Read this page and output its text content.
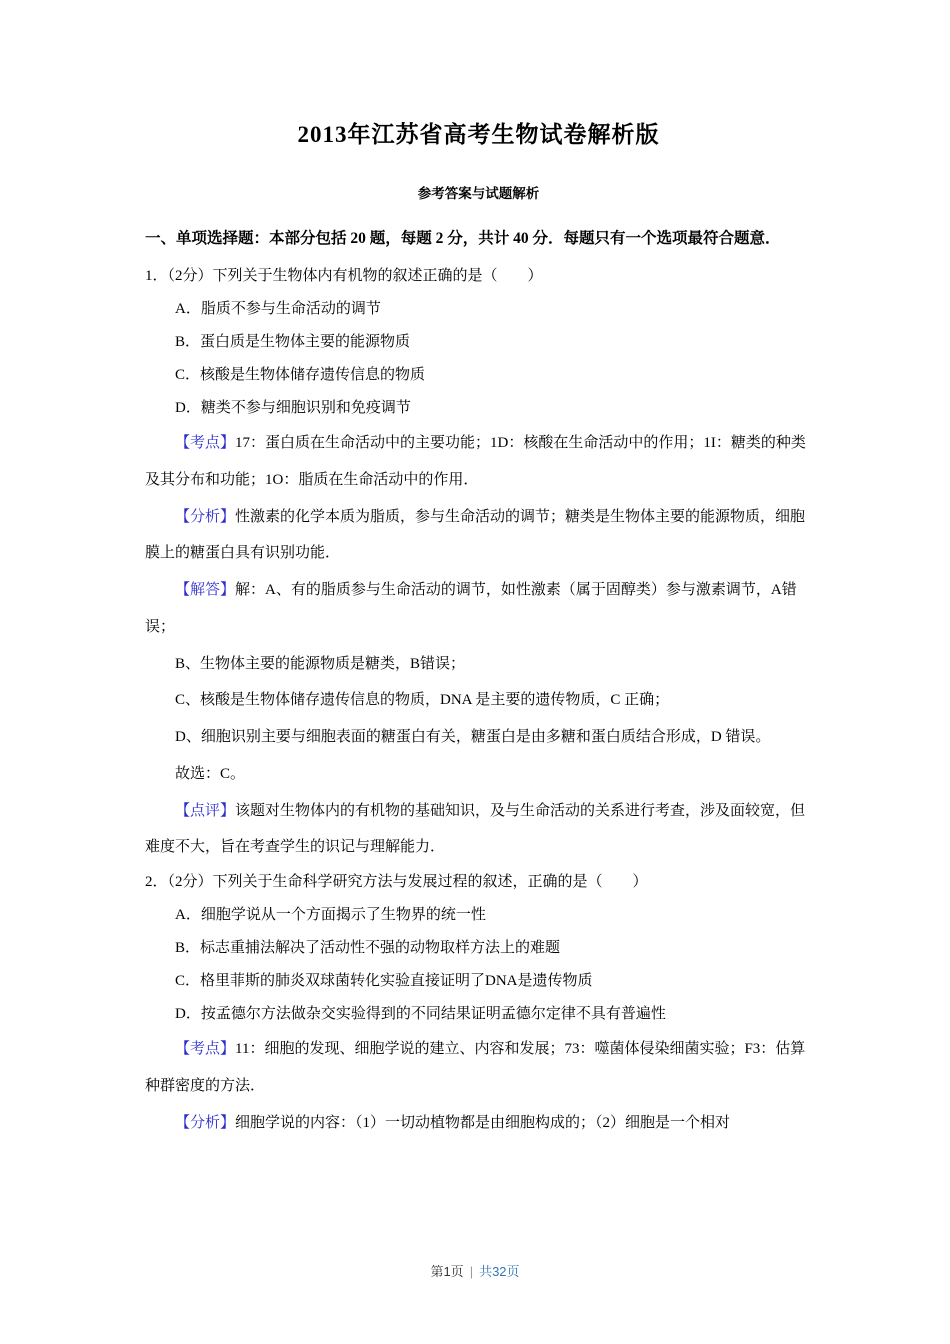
2013年江苏省高考生物试卷解析版
参考答案与试题解析

一、单项选择题：本部分包括 20 题，每题 2 分，共计 40 分．每题只有一个选项最符合题意．

1．（2分）下列关于生物体内有机物的叙述正确的是（　　）

A．脂质不参与生命活动的调节

B．蛋白质是生物体主要的能源物质

C．核酸是生物体储存遗传信息的物质

D．糖类不参与细胞识别和免疫调节

【考点】17：蛋白质在生命活动中的主要功能；1D：核酸在生命活动中的作用；1I：糖类的种类及其分布和功能；1O：脂质在生命活动中的作用．

【分析】性激素的化学本质为脂质，参与生命活动的调节；糖类是生物体主要的能源物质，细胞膜上的糖蛋白具有识别功能．

【解答】解：A、有的脂质参与生命活动的调节，如性激素（属于固醇类）参与激素调节，A错误；

B、生物体主要的能源物质是糖类，B错误；

C、核酸是生物体储存遗传信息的物质，DNA 是主要的遗传物质，C 正确；

D、细胞识别主要与细胞表面的糖蛋白有关，糖蛋白是由多糖和蛋白质结合形成，D 错误。

故选：C。

【点评】该题对生物体内的有机物的基础知识，及与生命活动的关系进行考查，涉及面较宽，但难度不大，旨在考查学生的识记与理解能力．

2．（2分）下列关于生命科学研究方法与发展过程的叙述，正确的是（　　）

A．细胞学说从一个方面揭示了生物界的统一性

B．标志重捕法解决了活动性不强的动物取样方法上的难题

C．格里菲斯的肺炎双球菌转化实验直接证明了DNA是遗传物质

D．按孟德尔方法做杂交实验得到的不同结果证明孟德尔定律不具有普遍性

【考点】11：细胞的发现、细胞学说的建立、内容和发展；73：噬菌体侵染细菌实验；F3：估算种群密度的方法．

【分析】细胞学说的内容：（1）一切动植物都是由细胞构成的；（2）细胞是一个相对

第1页 | 共32页
